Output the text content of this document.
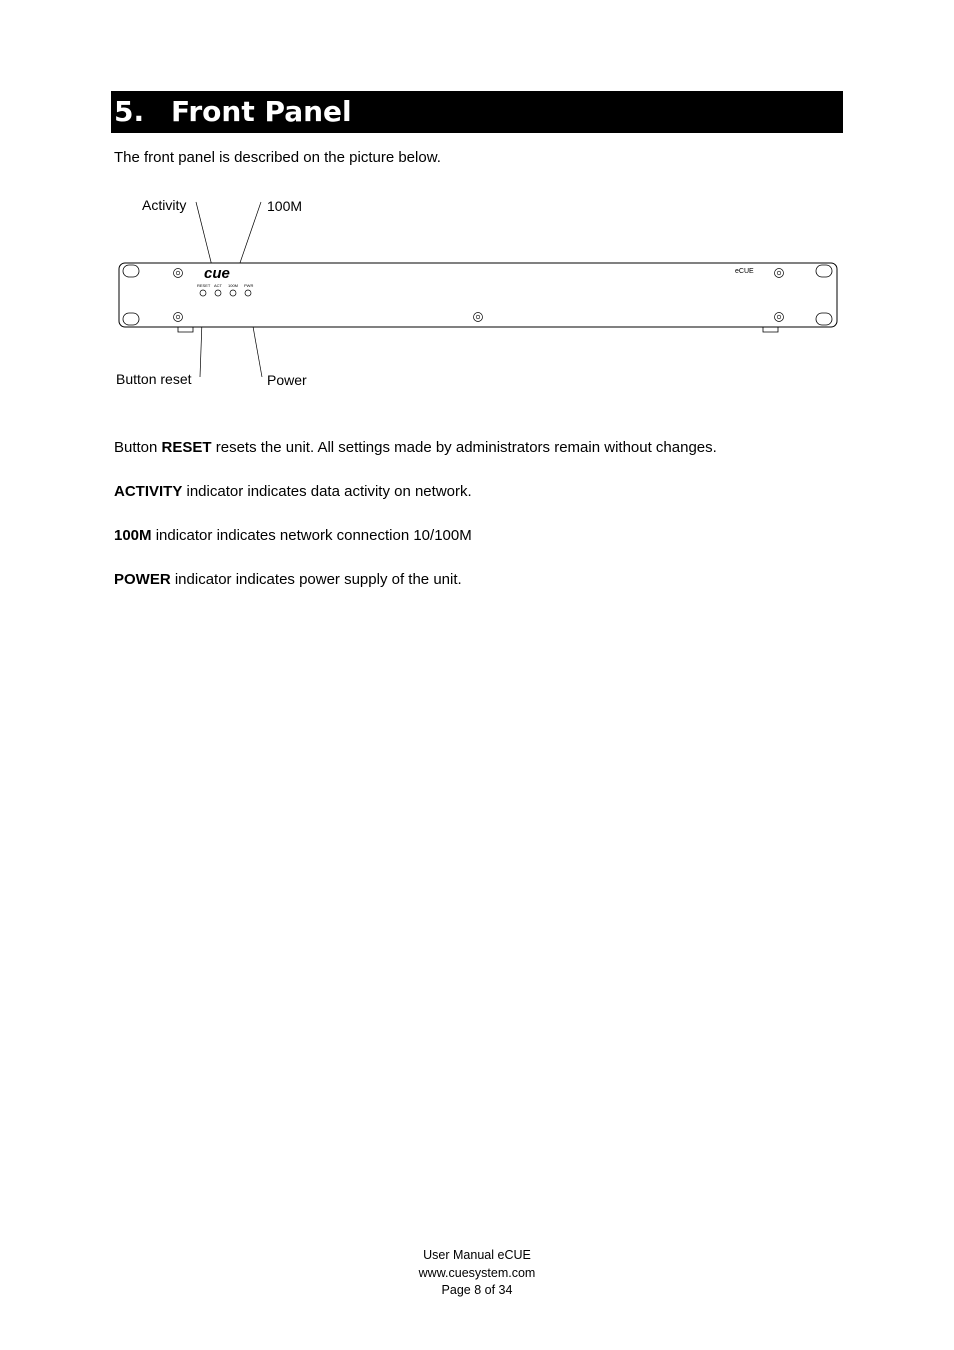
5. Front Panel
The front panel is described on the picture below.
Activity	100M
Button reset	Power
cue	eCUE
RESET ACT 100M PWR
Button RESET resets the unit. All settings made by administrators remain without changes.
ACTIVITY indicator indicates data activity on network.
100M indicator indicates network connection 10/100M
POWER indicator indicates power supply of the unit.
User Manual eCUE
www.cuesystem.com
Page 8 of 34
